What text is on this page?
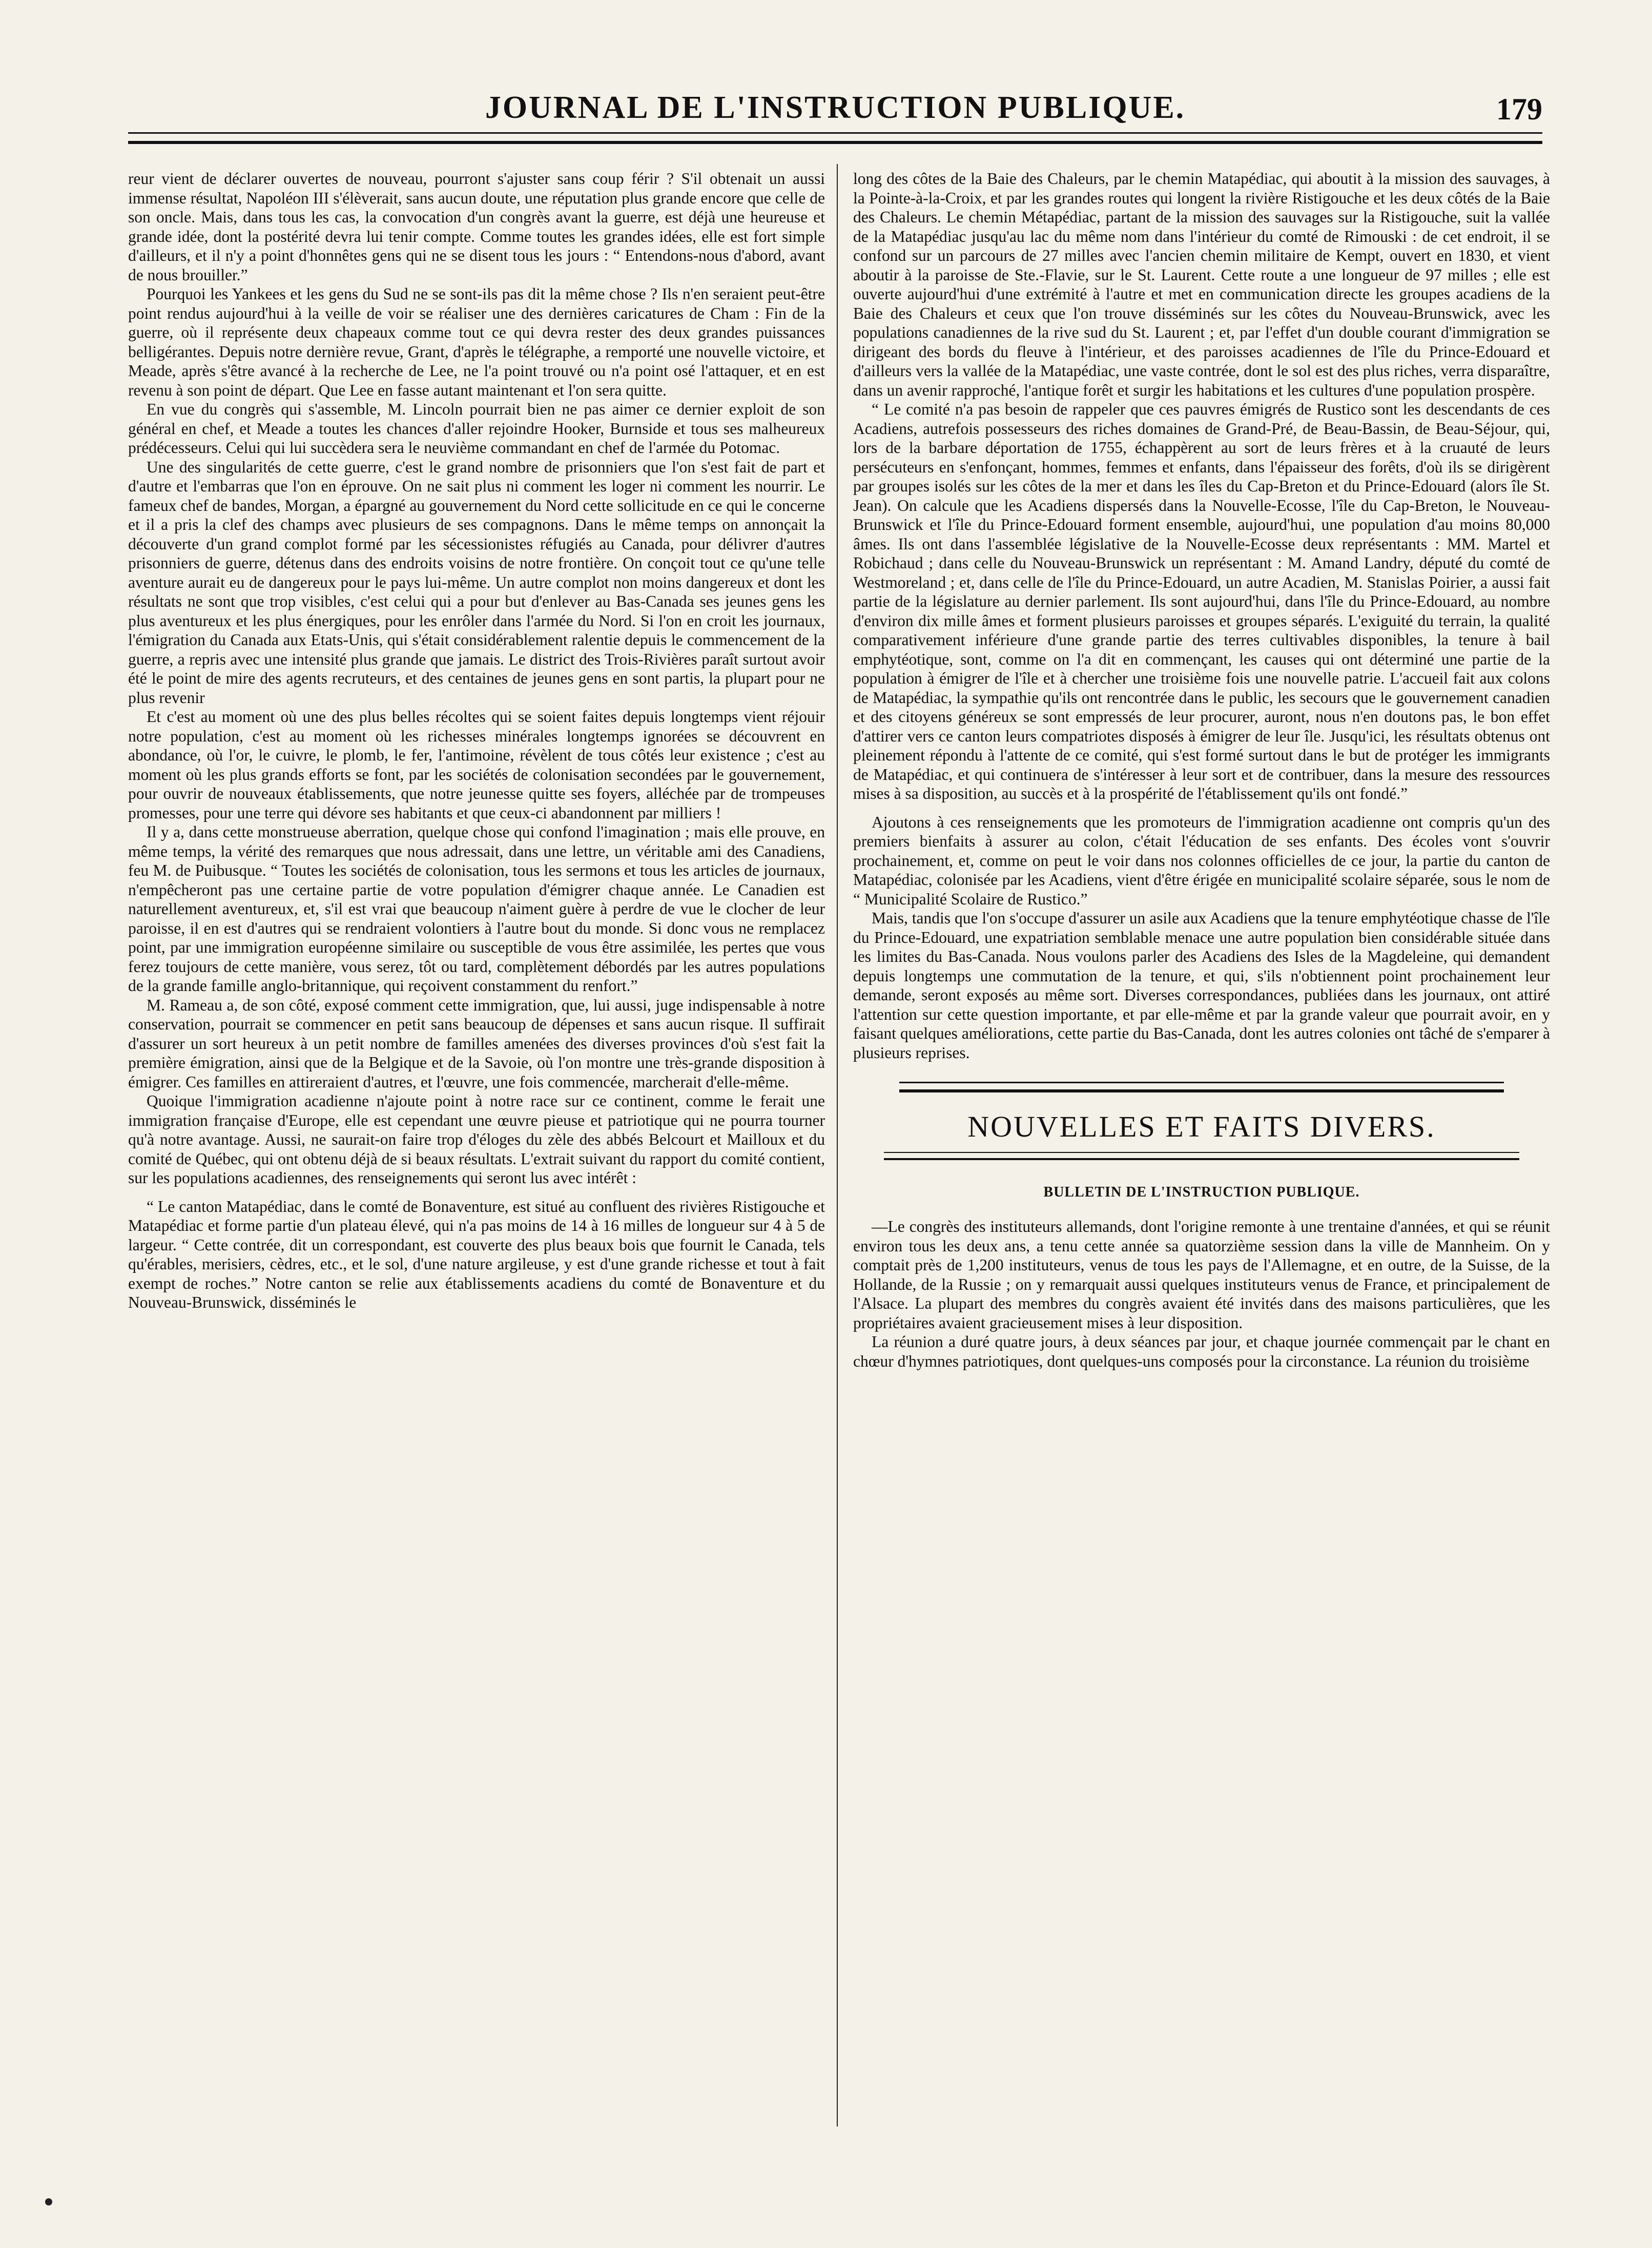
JOURNAL DE L'INSTRUCTION PUBLIQUE.	179

reur vient de déclarer ouvertes de nouveau, pourront s'ajuster sans coup férir ? S'il obtenait un aussi immense résultat, Napoléon III s'élèverait, sans aucun doute, une réputation plus grande encore que celle de son oncle. Mais, dans tous les cas, la convocation d'un congrès avant la guerre, est déjà une heureuse et grande idée, dont la postérité devra lui tenir compte. Comme toutes les grandes idées, elle est fort simple d'ailleurs, et il n'y a point d'honnêtes gens qui ne se disent tous les jours : “ Entendons-nous d'abord, avant de nous brouiller.”

Pourquoi les Yankees et les gens du Sud ne se sont-ils pas dit la même chose ? Ils n'en seraient peut-être point rendus aujourd'hui à la veille de voir se réaliser une des dernières caricatures de Cham : Fin de la guerre, où il représente deux chapeaux comme tout ce qui devra rester des deux grandes puissances belligérantes. Depuis notre dernière revue, Grant, d'après le télégraphe, a remporté une nouvelle victoire, et Meade, après s'être avancé à la recherche de Lee, ne l'a point trouvé ou n'a point osé l'attaquer, et en est revenu à son point de départ. Que Lee en fasse autant maintenant et l'on sera quitte.

En vue du congrès qui s'assemble, M. Lincoln pourrait bien ne pas aimer ce dernier exploit de son général en chef, et Meade a toutes les chances d'aller rejoindre Hooker, Burnside et tous ses malheureux prédécesseurs. Celui qui lui succèdera sera le neuvième commandant en chef de l'armée du Potomac.

Une des singularités de cette guerre, c'est le grand nombre de prisonniers que l'on s'est fait de part et d'autre et l'embarras que l'on en éprouve. On ne sait plus ni comment les loger ni comment les nourrir. Le fameux chef de bandes, Morgan, a épargné au gouvernement du Nord cette sollicitude en ce qui le concerne et il a pris la clef des champs avec plusieurs de ses compagnons. Dans le même temps on annonçait la découverte d'un grand complot formé par les sécessionistes réfugiés au Canada, pour délivrer d'autres prisonniers de guerre, détenus dans des endroits voisins de notre frontière. On conçoit tout ce qu'une telle aventure aurait eu de dangereux pour le pays lui-même. Un autre complot non moins dangereux et dont les résultats ne sont que trop visibles, c'est celui qui a pour but d'enlever au Bas-Canada ses jeunes gens les plus aventureux et les plus énergiques, pour les enrôler dans l'armée du Nord. Si l'on en croit les journaux, l'émigration du Canada aux Etats-Unis, qui s'était considérablement ralentie depuis le commencement de la guerre, a repris avec une intensité plus grande que jamais. Le district des Trois-Rivières paraît surtout avoir été le point de mire des agents recruteurs, et des centaines de jeunes gens en sont partis, la plupart pour ne plus revenir

Et c'est au moment où une des plus belles récoltes qui se soient faites depuis longtemps vient réjouir notre population, c'est au moment où les richesses minérales longtemps ignorées se découvrent en abondance, où l'or, le cuivre, le plomb, le fer, l'antimoine, révèlent de tous côtés leur existence ; c'est au moment où les plus grands efforts se font, par les sociétés de colonisation secondées par le gouvernement, pour ouvrir de nouveaux établissements, que notre jeunesse quitte ses foyers, alléchée par de trompeuses promesses, pour une terre qui dévore ses habitants et que ceux-ci abandonnent par milliers !

Il y a, dans cette monstrueuse aberration, quelque chose qui confond l'imagination ; mais elle prouve, en même temps, la vérité des remarques que nous adressait, dans une lettre, un véritable ami des Canadiens, feu M. de Puibusque. “ Toutes les sociétés de colonisation, tous les sermons et tous les articles de journaux, n'empêcheront pas une certaine partie de votre population d'émigrer chaque année. Le Canadien est naturellement aventureux, et, s'il est vrai que beaucoup n'aiment guère à perdre de vue le clocher de leur paroisse, il en est d'autres qui se rendraient volontiers à l'autre bout du monde. Si donc vous ne remplacez point, par une immigration européenne similaire ou susceptible de vous être assimilée, les pertes que vous ferez toujours de cette manière, vous serez, tôt ou tard, complètement débordés par les autres populations de la grande famille anglo-britannique, qui reçoivent constamment du renfort.”

M. Rameau a, de son côté, exposé comment cette immigration, que, lui aussi, juge indispensable à notre conservation, pourrait se commencer en petit sans beaucoup de dépenses et sans aucun risque. Il suffirait d'assurer un sort heureux à un petit nombre de familles amenées des diverses provinces d'où s'est fait la première émigration, ainsi que de la Belgique et de la Savoie, où l'on montre une très-grande disposition à émigrer. Ces familles en attireraient d'autres, et l'œuvre, une fois commencée, marcherait d'elle-même.

Quoique l'immigration acadienne n'ajoute point à notre race sur ce continent, comme le ferait une immigration française d'Europe, elle est cependant une œuvre pieuse et patriotique qui ne pourra tourner qu'à notre avantage. Aussi, ne saurait-on faire trop d'éloges du zèle des abbés Belcourt et Mailloux et du comité de Québec, qui ont obtenu déjà de si beaux résultats. L'extrait suivant du rapport du comité contient, sur les populations acadiennes, des renseignements qui seront lus avec intérêt :

“ Le canton Matapédiac, dans le comté de Bonaventure, est situé au confluent des rivières Ristigouche et Matapédiac et forme partie d'un plateau élevé, qui n'a pas moins de 14 à 16 milles de longueur sur 4 à 5 de largeur. “ Cette contrée, dit un correspondant, est couverte des plus beaux bois que fournit le Canada, tels qu'érables, merisiers, cèdres, etc., et le sol, d'une nature argileuse, y est d'une grande richesse et tout à fait exempt de roches.” Notre canton se relie aux établissements acadiens du comté de Bonaventure et du Nouveau-Brunswick, disséminés le

long des côtes de la Baie des Chaleurs, par le chemin Matapédiac, qui aboutit à la mission des sauvages, à la Pointe-à-la-Croix, et par les grandes routes qui longent la rivière Ristigouche et les deux côtés de la Baie des Chaleurs. Le chemin Métapédiac, partant de la mission des sauvages sur la Ristigouche, suit la vallée de la Matapédiac jusqu'au lac du même nom dans l'intérieur du comté de Rimouski : de cet endroit, il se confond sur un parcours de 27 milles avec l'ancien chemin militaire de Kempt, ouvert en 1830, et vient aboutir à la paroisse de Ste.-Flavie, sur le St. Laurent. Cette route a une longueur de 97 milles ; elle est ouverte aujourd'hui d'une extrémité à l'autre et met en communication directe les groupes acadiens de la Baie des Chaleurs et ceux que l'on trouve disséminés sur les côtes du Nouveau-Brunswick, avec les populations canadiennes de la rive sud du St. Laurent ; et, par l'effet d'un double courant d'immigration se dirigeant des bords du fleuve à l'intérieur, et des paroisses acadiennes de l'île du Prince-Edouard et d'ailleurs vers la vallée de la Matapédiac, une vaste contrée, dont le sol est des plus riches, verra disparaître, dans un avenir rapproché, l'antique forêt et surgir les habitations et les cultures d'une population prospère.

“ Le comité n'a pas besoin de rappeler que ces pauvres émigrés de Rustico sont les descendants de ces Acadiens, autrefois possesseurs des riches domaines de Grand-Pré, de Beau-Bassin, de Beau-Séjour, qui, lors de la barbare déportation de 1755, échappèrent au sort de leurs frères et à la cruauté de leurs persécuteurs en s'enfonçant, hommes, femmes et enfants, dans l'épaisseur des forêts, d'où ils se dirigèrent par groupes isolés sur les côtes de la mer et dans les îles du Cap-Breton et du Prince-Edouard (alors île St. Jean). On calcule que les Acadiens dispersés dans la Nouvelle-Ecosse, l'île du Cap-Breton, le Nouveau-Brunswick et l'île du Prince-Edouard forment ensemble, aujourd'hui, une population d'au moins 80,000 âmes. Ils ont dans l'assemblée législative de la Nouvelle-Ecosse deux représentants : MM. Martel et Robichaud ; dans celle du Nouveau-Brunswick un représentant : M. Amand Landry, député du comté de Westmoreland ; et, dans celle de l'île du Prince-Edouard, un autre Acadien, M. Stanislas Poirier, a aussi fait partie de la législature au dernier parlement. Ils sont aujourd'hui, dans l'île du Prince-Edouard, au nombre d'environ dix mille âmes et forment plusieurs paroisses et groupes séparés. L'exiguité du terrain, la qualité comparativement inférieure d'une grande partie des terres cultivables disponibles, la tenure à bail emphytéotique, sont, comme on l'a dit en commençant, les causes qui ont déterminé une partie de la population à émigrer de l'île et à chercher une troisième fois une nouvelle patrie. L'accueil fait aux colons de Matapédiac, la sympathie qu'ils ont rencontrée dans le public, les secours que le gouvernement canadien et des citoyens généreux se sont empressés de leur procurer, auront, nous n'en doutons pas, le bon effet d'attirer vers ce canton leurs compatriotes disposés à émigrer de leur île. Jusqu'ici, les résultats obtenus ont pleinement répondu à l'attente de ce comité, qui s'est formé surtout dans le but de protéger les immigrants de Matapédiac, et qui continuera de s'intéresser à leur sort et de contribuer, dans la mesure des ressources mises à sa disposition, au succès et à la prospérité de l'établissement qu'ils ont fondé.”

Ajoutons à ces renseignements que les promoteurs de l'immigration acadienne ont compris qu'un des premiers bienfaits à assurer au colon, c'était l'éducation de ses enfants. Des écoles vont s'ouvrir prochainement, et, comme on peut le voir dans nos colonnes officielles de ce jour, la partie du canton de Matapédiac, colonisée par les Acadiens, vient d'être érigée en municipalité scolaire séparée, sous le nom de “ Municipalité Scolaire de Rustico.”

Mais, tandis que l'on s'occupe d'assurer un asile aux Acadiens que la tenure emphytéotique chasse de l'île du Prince-Edouard, une expatriation semblable menace une autre population bien considérable située dans les limites du Bas-Canada. Nous voulons parler des Acadiens des Isles de la Magdeleine, qui demandent depuis longtemps une commutation de la tenure, et qui, s'ils n'obtiennent point prochainement leur demande, seront exposés au même sort. Diverses correspondances, publiées dans les journaux, ont attiré l'attention sur cette question importante, et par elle-même et par la grande valeur que pourrait avoir, en y faisant quelques améliorations, cette partie du Bas-Canada, dont les autres colonies ont tâché de s'emparer à plusieurs reprises.

NOUVELLES ET FAITS DIVERS.
BULLETIN DE L'INSTRUCTION PUBLIQUE.

—Le congrès des instituteurs allemands, dont l'origine remonte à une trentaine d'années, et qui se réunit environ tous les deux ans, a tenu cette année sa quatorzième session dans la ville de Mannheim. On y comptait près de 1,200 instituteurs, venus de tous les pays de l'Allemagne, et en outre, de la Suisse, de la Hollande, de la Russie ; on y remarquait aussi quelques instituteurs venus de France, et principalement de l'Alsace. La plupart des membres du congrès avaient été invités dans des maisons particulières, que les propriétaires avaient gracieusement mises à leur disposition.

La réunion a duré quatre jours, à deux séances par jour, et chaque journée commençait par le chant en chœur d'hymnes patriotiques, dont quelques-uns composés pour la circonstance. La réunion du troisième
